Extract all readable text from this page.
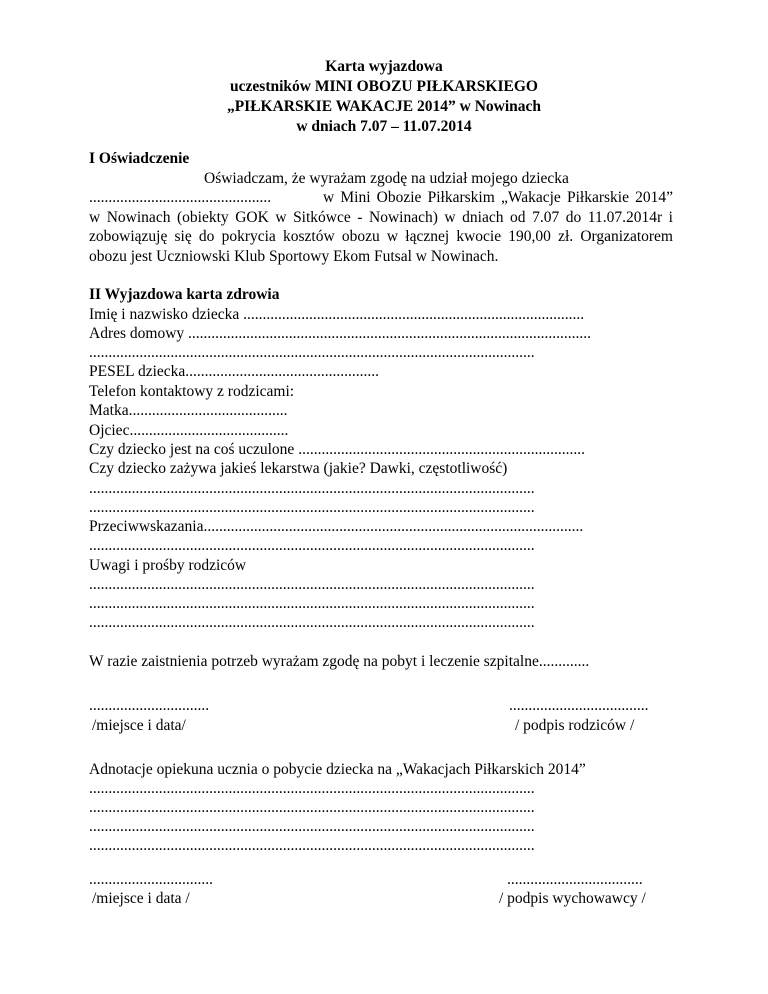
Karta wyjazdowa
uczestników MINI OBOZU PIŁKARSKIEGO
„PIŁKARSKIE WAKACJE 2014” w Nowinach
w dniach 7.07 – 11.07.2014
I Oświadczenie
Oświadczam, że wyrażam zgodę na udział mojego dziecka
...............................................	w Mini Obozie Piłkarskim „Wakacje Piłkarskie 2014” w Nowinach (obiekty GOK w Sitkówce - Nowinach) w dniach od 7.07 do 11.07.2014r i zobowiązuję się do pokrycia kosztów obozu w łącznej kwocie 190,00 zł. Organizatorem obozu jest Uczniowski Klub Sportowy Ekom Futsal w Nowinach.
II Wyjazdowa karta zdrowia
Imię i nazwisko dziecka ........................................................................................
Adres domowy ........................................................................................................
...................................................................................................................
PESEL dziecka..................................................
Telefon kontaktowy z rodzicami:
Matka.........................................
Ojciec.........................................
Czy dziecko jest na coś uczulone ..........................................................................
Czy dziecko zażywa jakieś lekarstwa (jakie? Dawki, częstotliwość)
...................................................................................................................
...................................................................................................................
Przeciwwskazania..................................................................................................
...................................................................................................................
Uwagi i prośby rodziców
...................................................................................................................
...................................................................................................................
...................................................................................................................
W razie zaistnienia potrzeb wyrażam zgodę na pobyt i leczenie szpitalne.............
...............................
/miejsce i data/
....................................
/ podpis rodziców /
Adnotacje opiekuna ucznia o pobycie dziecka na „Wakacjach Piłkarskich 2014”
...................................................................................................................
...................................................................................................................
...................................................................................................................
...................................................................................................................
................................
/miejsce i data /
...................................
/ podpis wychowawcy /
